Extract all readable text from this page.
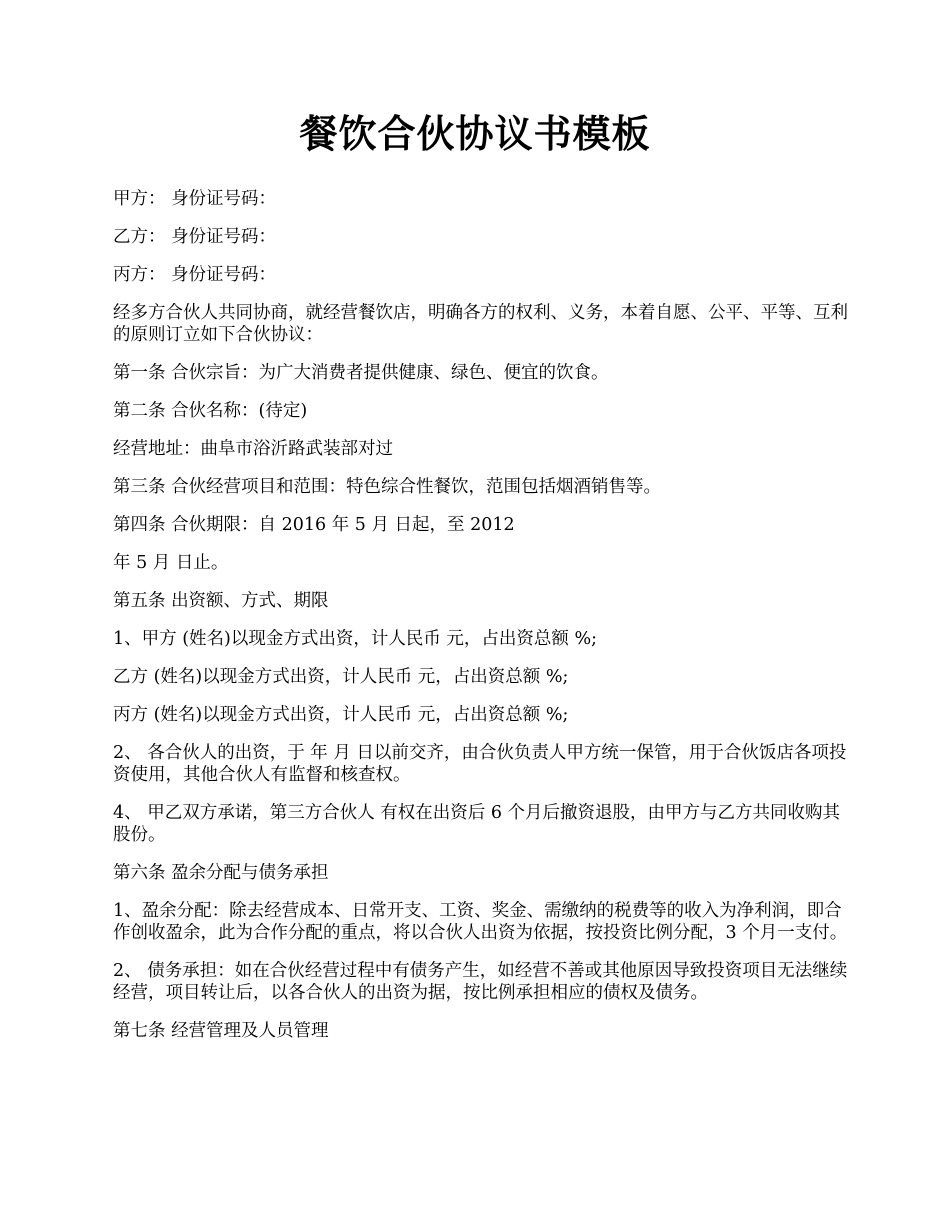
餐饮合伙协议书模板

甲方： 身份证号码：

乙方： 身份证号码：

丙方： 身份证号码：

经多方合伙人共同协商，就经营餐饮店，明确各方的权利、义务，本着自愿、公平、平等、互利的原则订立如下合伙协议：

第一条 合伙宗旨：为广大消费者提供健康、绿色、便宜的饮食。

第二条 合伙名称：(待定)

经营地址：曲阜市浴沂路武装部对过

第三条 合伙经营项目和范围：特色综合性餐饮，范围包括烟酒销售等。

第四条 合伙期限：自 2016 年 5 月 日起，至 2012

年 5 月 日止。

第五条 出资额、方式、期限

1、甲方 (姓名)以现金方式出资，计人民币 元，占出资总额 %;

乙方 (姓名)以现金方式出资，计人民币 元，占出资总额 %;

丙方 (姓名)以现金方式出资，计人民币 元，占出资总额 %;

2、 各合伙人的出资，于 年 月 日以前交齐，由合伙负责人甲方统一保管，用于合伙饭店各项投资使用，其他合伙人有监督和核查权。

4、 甲乙双方承诺，第三方合伙人 有权在出资后 6 个月后撤资退股，由甲方与乙方共同收购其股份。

第六条 盈余分配与债务承担

1、盈余分配：除去经营成本、日常开支、工资、奖金、需缴纳的税费等的收入为净利润，即合作创收盈余，此为合作分配的重点，将以合伙人出资为依据，按投资比例分配，3 个月一支付。

2、 债务承担：如在合伙经营过程中有债务产生，如经营不善或其他原因导致投资项目无法继续经营，项目转让后，以各合伙人的出资为据，按比例承担相应的债权及债务。

第七条 经营管理及人员管理
